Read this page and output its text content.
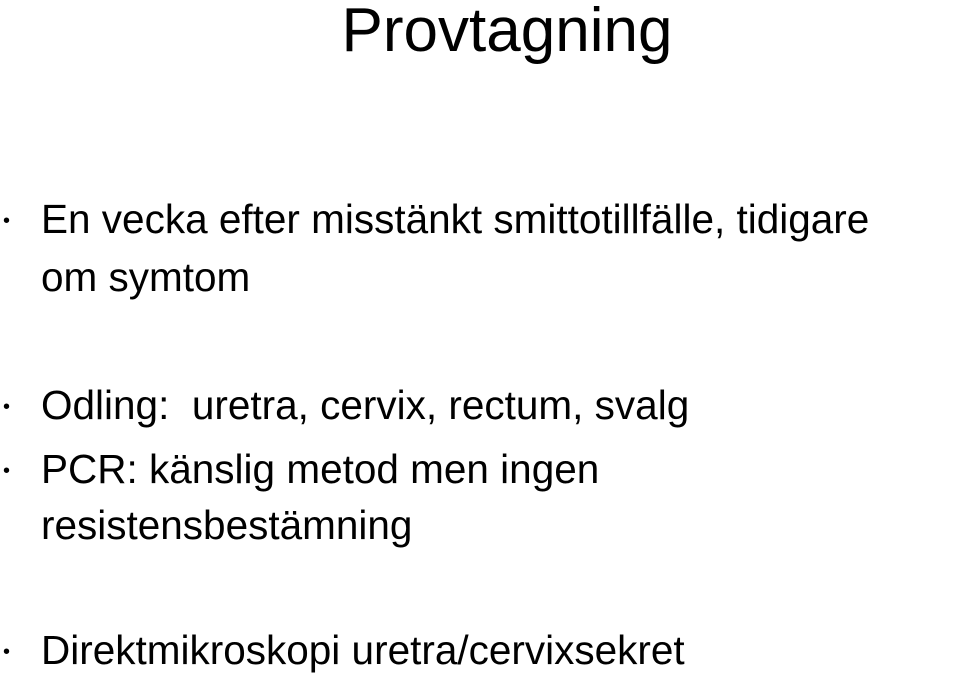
Provtagning
• En vecka efter misstänkt smittotillfälle, tidigare
om symtom
• Odling:  uretra, cervix, rectum, svalg
• PCR: känslig metod men ingen
resistensbestämning
• Direktmikroskopi uretra/cervixsekret
